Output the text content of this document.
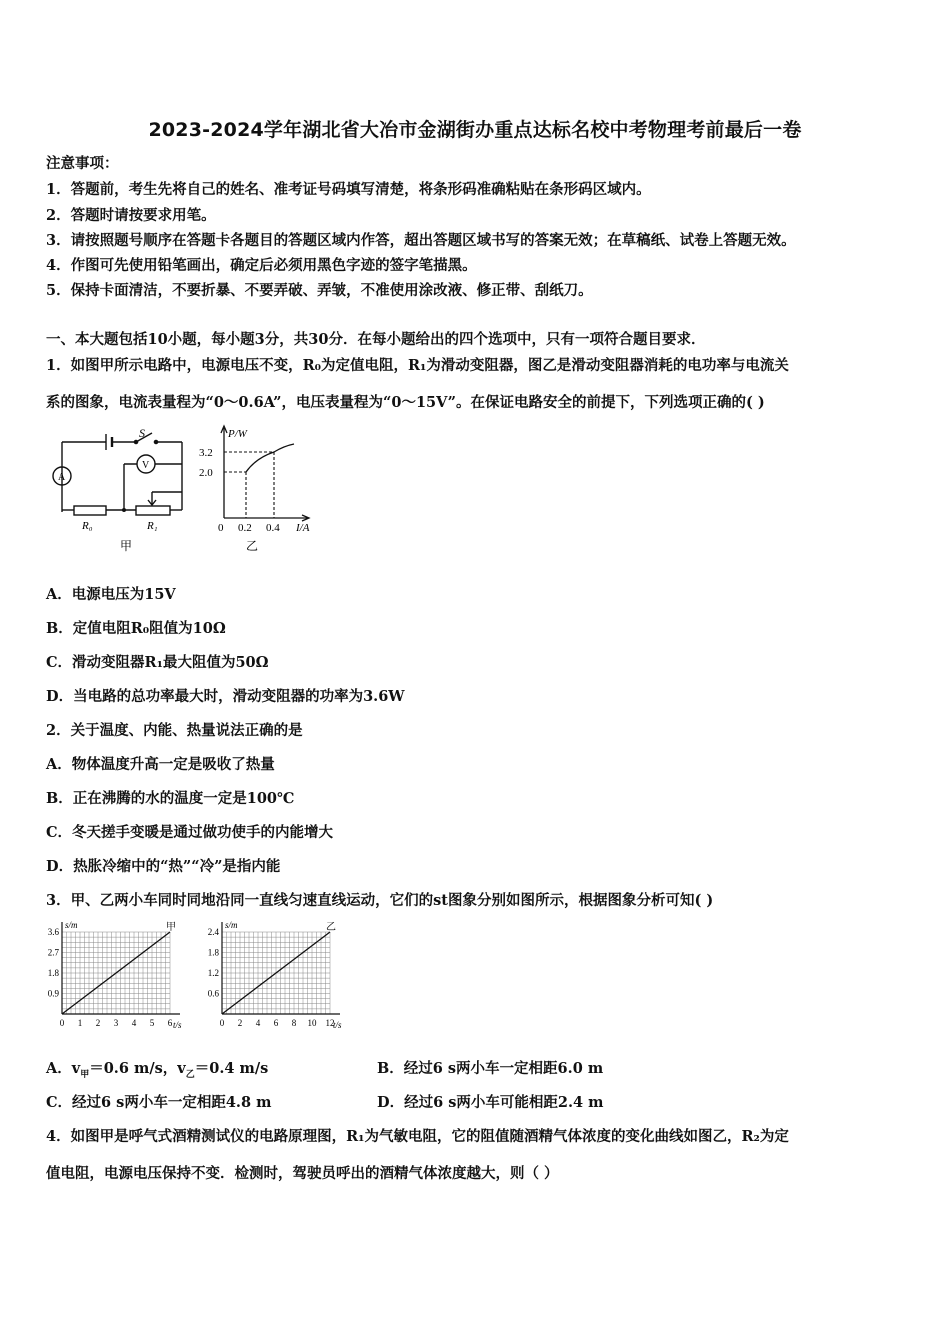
2023-2024学年湖北省大冶市金湖街办重点达标名校中考物理考前最后一卷
注意事项：
1．答题前，考生先将自己的姓名、准考证号码填写清楚，将条形码准确粘贴在条形码区域内。
2．答题时请按要求用笔。
3．请按照题号顺序在答题卡各题目的答题区域内作答，超出答题区域书写的答案无效；在草稿纸、试卷上答题无效。
4．作图可先使用铅笔画出，确定后必须用黑色字迹的签字笔描黑。
5．保持卡面清洁，不要折暴、不要弄破、弄皱，不准使用涂改液、修正带、刮纸刀。
一、本大题包括10小题，每小题3分，共30分．在每小题给出的四个选项中，只有一项符合题目要求．
1．如图甲所示电路中，电源电压不变，R₀为定值电阻，R₁为滑动变阻器，图乙是滑动变阻器消耗的电功率与电流关
系的图象，电流表量程为“0～0.6A”，电压表量程为“0～15V”。在保证电路安全的前提下，下列选项正确的( )
S
A
V
R₀	R₁
甲
P/W
3.2
2.0
0 0.2 0.4 I/A
乙
A．电源电压为15V
B．定值电阻R₀阻值为10Ω
C．滑动变阻器R₁最大阻值为50Ω
D．当电路的总功率最大时，滑动变阻器的功率为3.6W
2．关于温度、内能、热量说法正确的是
A．物体温度升高一定是吸收了热量
B．正在沸腾的水的温度一定是100℃
C．冬天搓手变暖是通过做功使手的内能增大
D．热胀冷缩中的“热”“冷”是指内能
3．甲、乙两小车同时同地沿同一直线匀速直线运动，它们的st图象分别如图所示，根据图象分析可知( )
0.9
1.8
2.7
3.6
0 1 2 3 4 5 6
s/m
t/s
甲
0.6
1.2
1.8
2.4
0 2 4 6 8 10 12
s/m
t/s
乙
A．$v_甲=0.6$ m/s，$v_乙=0.4$ m/s	B．经过6 s两小车一定相距6.0 m
C．经过6 s两小车一定相距4.8 m	D．经过6 s两小车可能相距2.4 m
4．如图甲是呼气式酒精测试仪的电路原理图，R₁为气敏电阻，它的阻值随酒精气体浓度的变化曲线如图乙，R₂为定
值电阻，电源电压保持不变．检测时，驾驶员呼出的酒精气体浓度越大，则（ ）
